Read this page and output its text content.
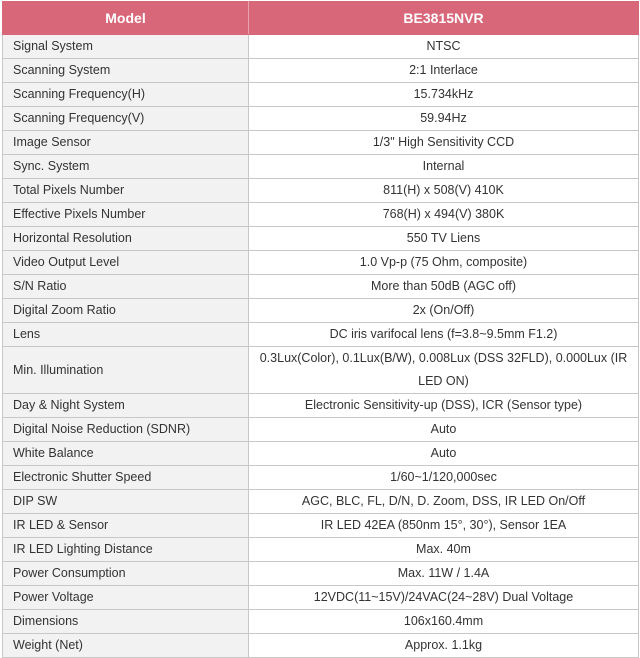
Model	BE3815NVR
Signal System	NTSC
Scanning System	2:1 Interlace
Scanning Frequency(H)	15.734kHz
Scanning Frequency(V)	59.94Hz
Image Sensor	1/3" High Sensitivity CCD
Sync. System	Internal
Total Pixels Number	811(H) x 508(V) 410K
Effective Pixels Number	768(H) x 494(V) 380K
Horizontal Resolution	550 TV Liens
Video Output Level	1.0 Vp-p (75 Ohm, composite)
S/N Ratio	More than 50dB (AGC off)
Digital Zoom Ratio	2x (On/Off)
Lens	DC iris varifocal lens (f=3.8~9.5mm F1.2)
Min. Illumination	0.3Lux(Color), 0.1Lux(B/W), 0.008Lux (DSS 32FLD), 0.000Lux (IR LED ON)
Day & Night System	Electronic Sensitivity-up (DSS), ICR (Sensor type)
Digital Noise Reduction (SDNR)	Auto
White Balance	Auto
Electronic Shutter Speed	1/60~1/120,000sec
DIP SW	AGC, BLC, FL, D/N, D. Zoom, DSS, IR LED On/Off
IR LED & Sensor	IR LED 42EA (850nm 15°, 30°), Sensor 1EA
IR LED Lighting Distance	Max. 40m
Power Consumption	Max. 11W / 1.4A
Power Voltage	12VDC(11~15V)/24VAC(24~28V) Dual Voltage
Dimensions	106x160.4mm
Weight (Net)	Approx. 1.1kg
